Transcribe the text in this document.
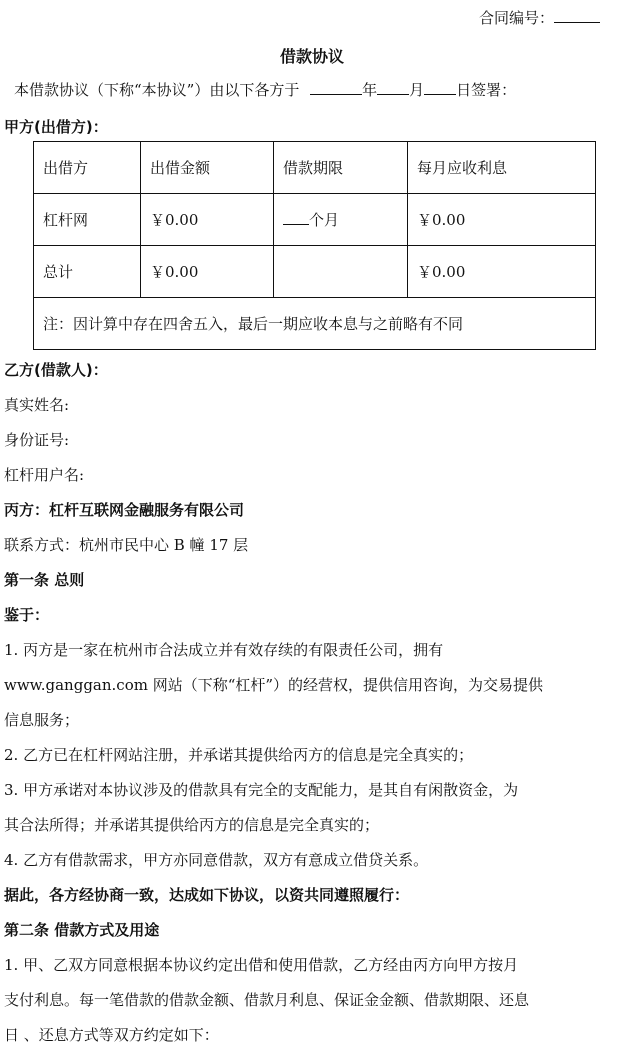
合同编号：
借款协议
本借款协议（下称“本协议”）由以下各方于	年 月 日签署：
甲方(出借方)：
出借方	出借金额	借款期限	每月应收利息
杠杆网	￥0.00	个月	￥0.00
总计	￥0.00		￥0.00
注：因计算中存在四舍五入，最后一期应收本息与之前略有不同			
乙方(借款人)：
真实姓名:
身份证号:
杠杆用户名:
丙方：杠杆互联网金融服务有限公司
联系方式：杭州市民中心 B 幢 17 层
第一条 总则
鉴于：
1. 丙方是一家在杭州市合法成立并有效存续的有限责任公司，拥有
www.ganggan.com 网站（下称“杠杆”）的经营权，提供信用咨询，为交易提供
信息服务；
2. 乙方已在杠杆网站注册，并承诺其提供给丙方的信息是完全真实的；
3. 甲方承诺对本协议涉及的借款具有完全的支配能力，是其自有闲散资金，为
其合法所得；并承诺其提供给丙方的信息是完全真实的；
4. 乙方有借款需求，甲方亦同意借款，双方有意成立借贷关系。
据此，各方经协商一致，达成如下协议，以资共同遵照履行：
第二条 借款方式及用途
1. 甲、乙双方同意根据本协议约定出借和使用借款，乙方经由丙方向甲方按月
支付利息。每一笔借款的借款金额、借款月利息、保证金金额、借款期限、还息
日 、还息方式等双方约定如下：
